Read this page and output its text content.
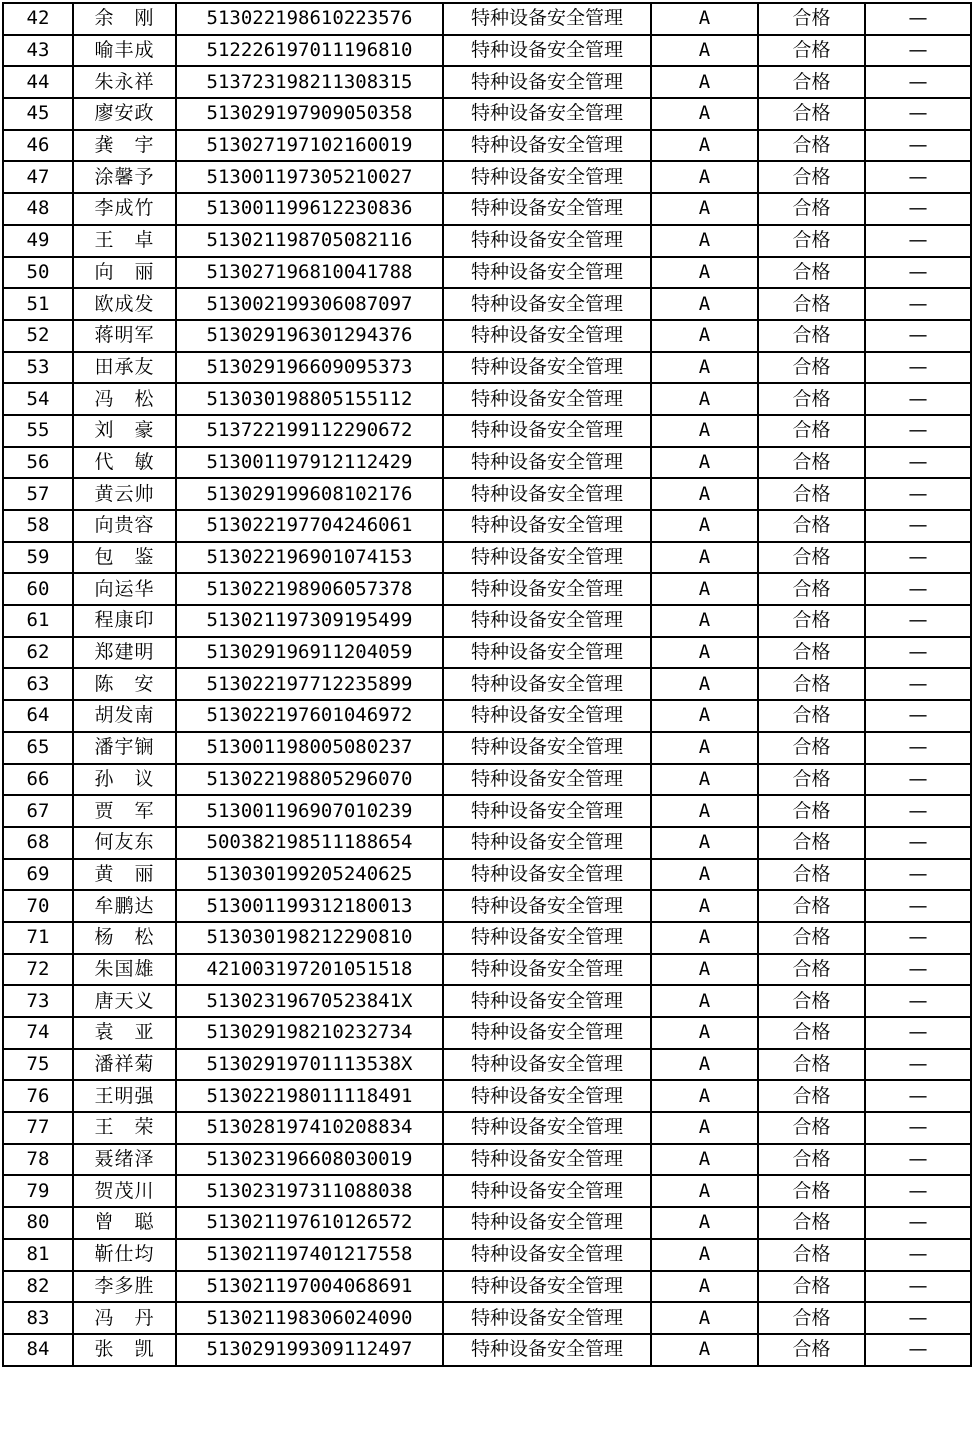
42	余　刚	513022198610223576	特种设备安全管理	A	合格	—
43	喻丰成	512226197011196810	特种设备安全管理	A	合格	—
44	朱永祥	513723198211308315	特种设备安全管理	A	合格	—
45	廖安政	513029197909050358	特种设备安全管理	A	合格	—
46	龚　宇	513027197102160019	特种设备安全管理	A	合格	—
47	涂馨予	513001197305210027	特种设备安全管理	A	合格	—
48	李成竹	513001199612230836	特种设备安全管理	A	合格	—
49	王　卓	513021198705082116	特种设备安全管理	A	合格	—
50	向　丽	513027196810041788	特种设备安全管理	A	合格	—
51	欧成发	513002199306087097	特种设备安全管理	A	合格	—
52	蒋明军	513029196301294376	特种设备安全管理	A	合格	—
53	田承友	513029196609095373	特种设备安全管理	A	合格	—
54	冯　松	513030198805155112	特种设备安全管理	A	合格	—
55	刘　豪	513722199112290672	特种设备安全管理	A	合格	—
56	代　敏	513001197912112429	特种设备安全管理	A	合格	—
57	黄云帅	513029199608102176	特种设备安全管理	A	合格	—
58	向贵容	513022197704246061	特种设备安全管理	A	合格	—
59	包　鉴	513022196901074153	特种设备安全管理	A	合格	—
60	向运华	513022198906057378	特种设备安全管理	A	合格	—
61	程康印	513021197309195499	特种设备安全管理	A	合格	—
62	郑建明	513029196911204059	特种设备安全管理	A	合格	—
63	陈　安	513022197712235899	特种设备安全管理	A	合格	—
64	胡发南	513022197601046972	特种设备安全管理	A	合格	—
65	潘宇锎	513001198005080237	特种设备安全管理	A	合格	—
66	孙　议	513022198805296070	特种设备安全管理	A	合格	—
67	贾　军	513001196907010239	特种设备安全管理	A	合格	—
68	何友东	500382198511188654	特种设备安全管理	A	合格	—
69	黄　丽	513030199205240625	特种设备安全管理	A	合格	—
70	牟鹏达	513001199312180013	特种设备安全管理	A	合格	—
71	杨　松	513030198212290810	特种设备安全管理	A	合格	—
72	朱国雄	421003197201051518	特种设备安全管理	A	合格	—
73	唐天义	51302319670523841X	特种设备安全管理	A	合格	—
74	袁　亚	513029198210232734	特种设备安全管理	A	合格	—
75	潘祥菊	51302919701113538X	特种设备安全管理	A	合格	—
76	王明强	513022198011118491	特种设备安全管理	A	合格	—
77	王　荣	513028197410208834	特种设备安全管理	A	合格	—
78	聂绪泽	513023196608030019	特种设备安全管理	A	合格	—
79	贺茂川	513023197311088038	特种设备安全管理	A	合格	—
80	曾　聪	513021197610126572	特种设备安全管理	A	合格	—
81	靳仕均	513021197401217558	特种设备安全管理	A	合格	—
82	李多胜	513021197004068691	特种设备安全管理	A	合格	—
83	冯　丹	513021198306024090	特种设备安全管理	A	合格	—
84	张　凯	513029199309112497	特种设备安全管理	A	合格	—
